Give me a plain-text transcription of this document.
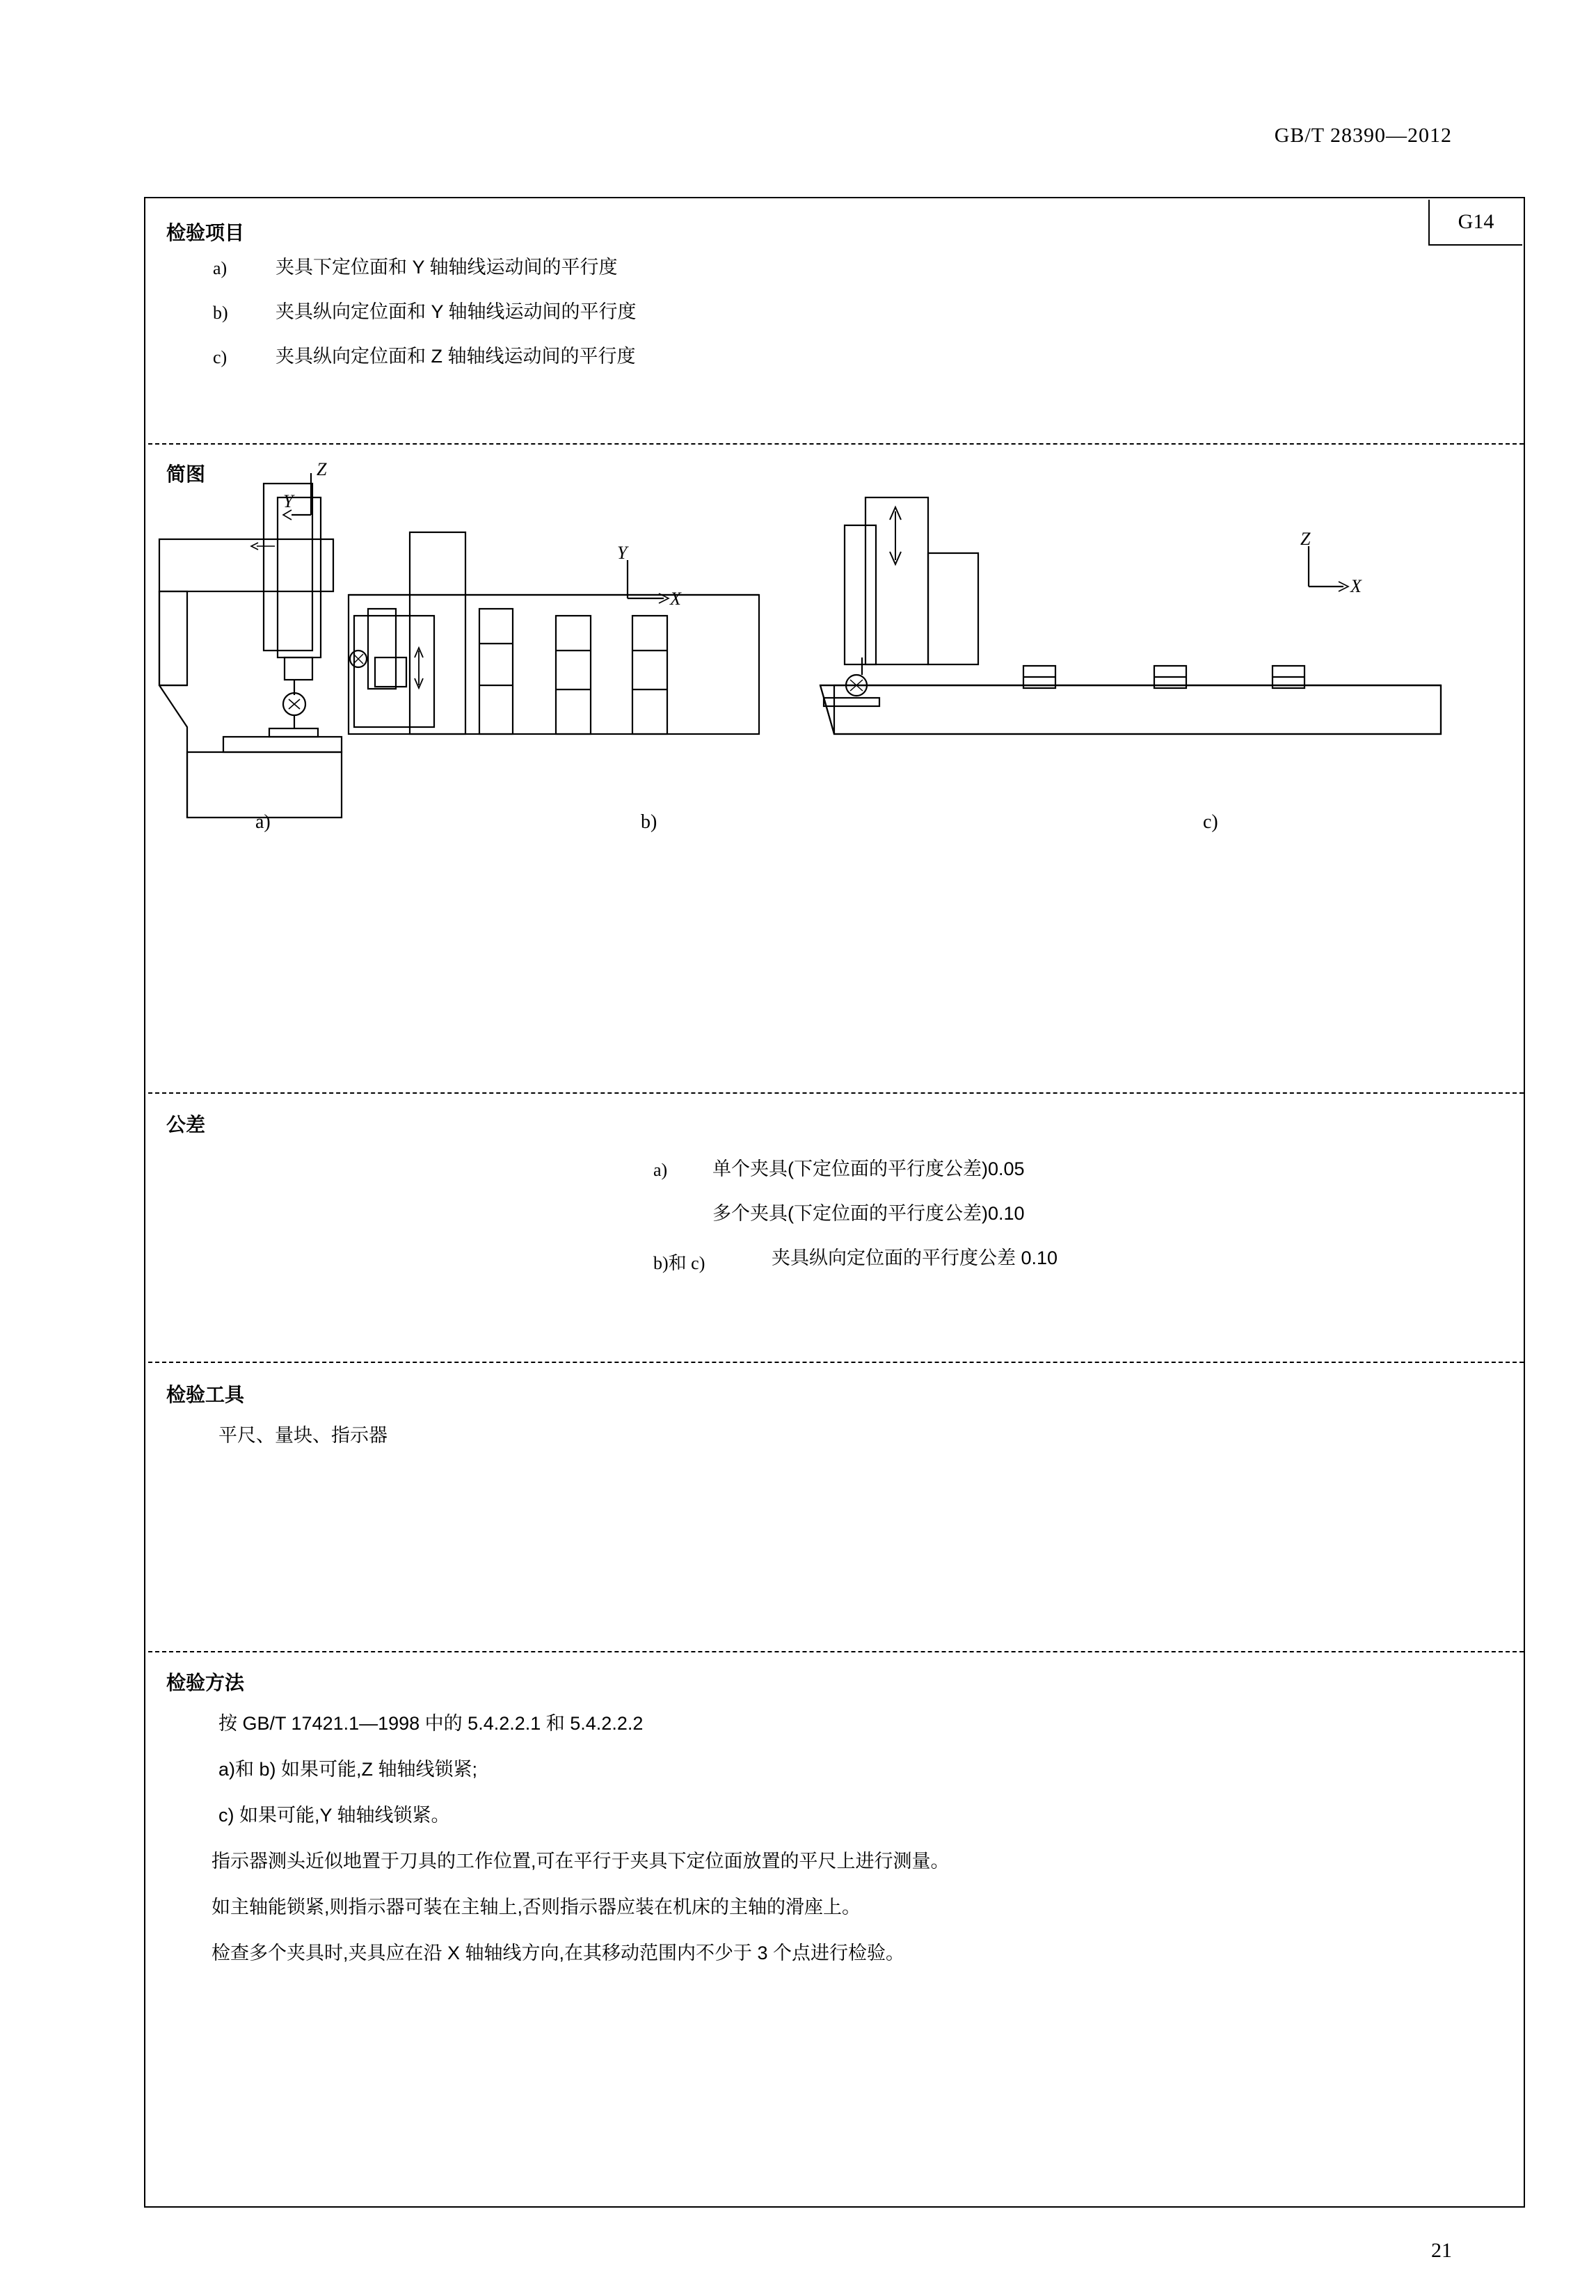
GB/T 28390—2012
G14
检验项目
a)	夹具下定位面和 Y 轴轴线运动间的平行度
b)	夹具纵向定位面和 Y 轴轴线运动间的平行度
c)	夹具纵向定位面和 Z 轴轴线运动间的平行度
简图	Z
Y
a)
Y
X
b)
Z
X
c)
公差
a) 单个夹具(下定位面的平行度公差)0.05
多个夹具(下定位面的平行度公差)0.10
b)和 c)	夹具纵向定位面的平行度公差 0.10
检验工具
平尺、量块、指示器
检验方法
按 GB/T 17421.1—1998 中的 5.4.2.2.1 和 5.4.2.2.2
a)和 b) 如果可能,Z 轴轴线锁紧;
c) 如果可能,Y 轴轴线锁紧。
指示器测头近似地置于刀具的工作位置,可在平行于夹具下定位面放置的平尺上进行测量。
如主轴能锁紧,则指示器可装在主轴上,否则指示器应装在机床的主轴的滑座上。
检查多个夹具时,夹具应在沿 X 轴轴线方向,在其移动范围内不少于 3 个点进行检验。
21
